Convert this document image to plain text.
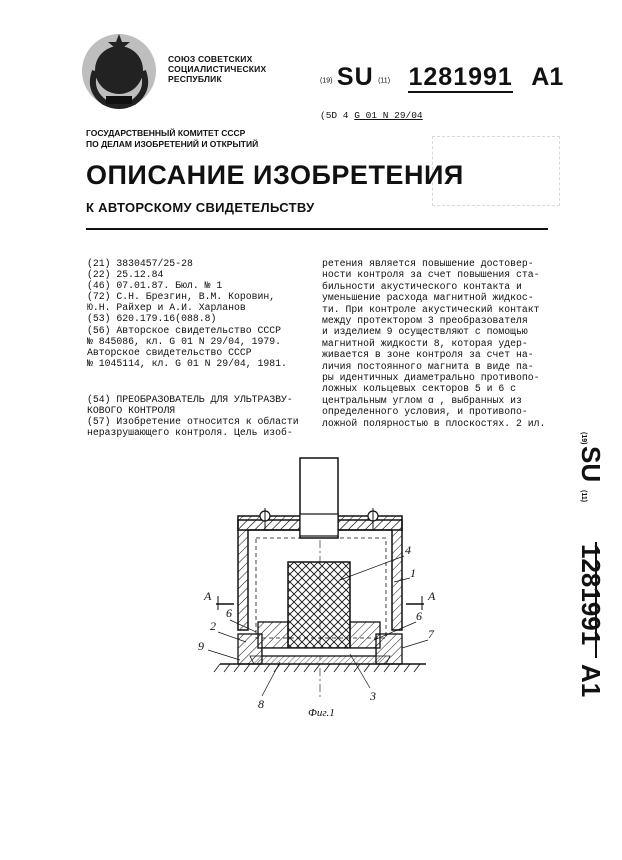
СОЮЗ СОВЕТСКИХ
СОЦИАЛИСТИЧЕСКИХ
РЕСПУБЛИК	(19) SU (11) 1281991 A1
(5D 4 G 01 N 29/04
ГОСУДАРСТВЕННЫЙ КОМИТЕТ СССР
ПО ДЕЛАМ ИЗОБРЕТЕНИЙ И ОТКРЫТИЙ
ОПИСАНИЕ ИЗОБРЕТЕНИЯ
К АВТОРСКОМУ СВИДЕТЕЛЬСТВУ
(21) 3830457/25-28
(22) 25.12.84
(46) 07.01.87. Бюл. № 1
(72) С.Н. Брезгин, В.М. Коровин,
Ю.Н. Райхер и А.И. Харланов
(53) 620.179.16(088.8)
(56) Авторское свидетельство СССР
№ 845086, кл. G 01 N 29/04, 1979.
Авторское свидетельство СССР
№ 1045114, кл. G 01 N 29/04, 1981.
(54) ПРЕОБРАЗОВАТЕЛЬ ДЛЯ УЛЬТРАЗВУ-
КОВОГО КОНТРОЛЯ
(57) Изобретение относится к области
неразрушающего контроля. Цель изоб-
ретения является повышение достовер-
ности контроля за счет повышения ста-
бильности акустического контакта и
уменьшение расхода магнитной жидкос-
ти. При контроле акустический контакт
между протектором 3 преобразователя
и изделием 9 осуществляют с помощью
магнитной жидкости 8, которая удер-
живается в зоне контроля за счет на-
личия постоянного магнита в виде па-
ры идентичных диаметрально противопо-
ложных кольцевых секторов 5 и 6 с
центральным углом α , выбранных из
определенного условия, и противопо-
ложной полярностью в плоскостях. 2 ил.
(19)
SU
(11)
1281991
A1
4
1
A	A
6
2
6
7
9
3
8
Фиг.1
